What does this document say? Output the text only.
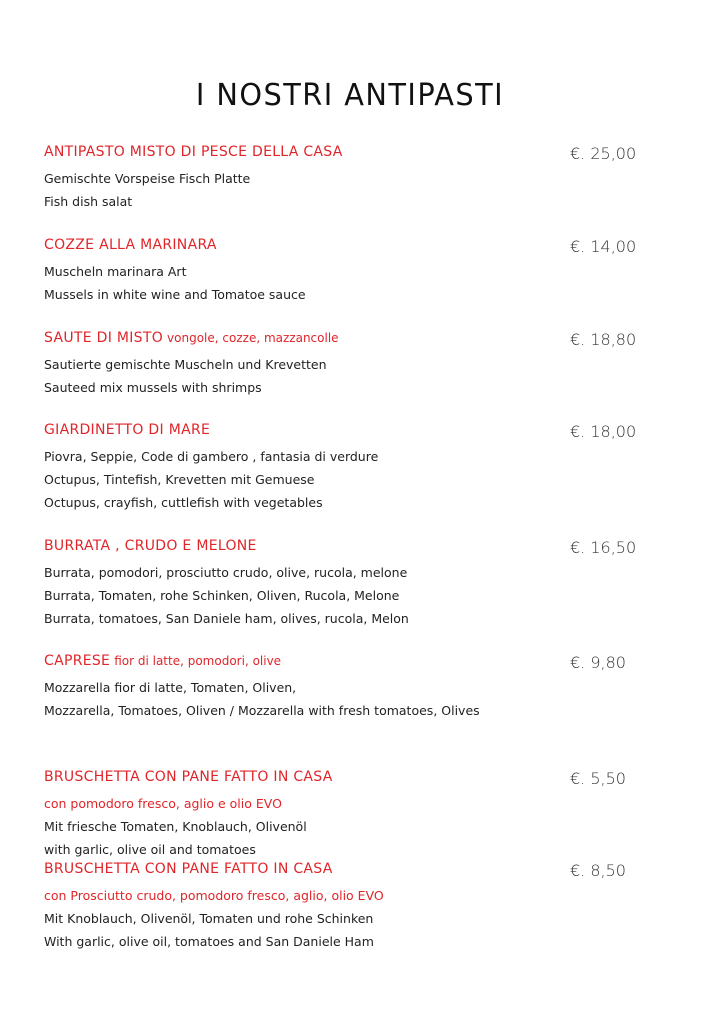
I NOSTRI ANTIPASTI
ANTIPASTO MISTO DI PESCE DELLA CASA	€. 25,00
Gemischte Vorspeise Fisch Platte
Fish dish salat
COZZE ALLA MARINARA	€. 14,00
Muscheln marinara Art
Mussels in white wine and Tomatoe sauce
SAUTE DI MISTO vongole, cozze, mazzancolle	€. 18,80
Sautierte gemischte Muscheln und Krevetten
Sauteed mix mussels with shrimps
GIARDINETTO DI MARE	€. 18,00
Piovra, Seppie, Code di gambero , fantasia di verdure
Octupus, Tintefish, Krevetten mit Gemuese
Octupus, crayfish, cuttlefish with vegetables
BURRATA , CRUDO E MELONE	€. 16,50
Burrata, pomodori, prosciutto crudo, olive, rucola, melone
Burrata, Tomaten, rohe Schinken, Oliven, Rucola, Melone
Burrata, tomatoes, San Daniele ham, olives, rucola, Melon
CAPRESE fior di latte, pomodori, olive	€. 9,80
Mozzarella fior di latte, Tomaten, Oliven,
Mozzarella, Tomatoes, Oliven / Mozzarella with fresh tomatoes, Olives
BRUSCHETTA CON PANE FATTO IN CASA	€. 5,50
con pomodoro fresco, aglio e olio EVO
Mit friesche Tomaten, Knoblauch, Olivenöl
with garlic, olive oil and tomatoes
BRUSCHETTA CON PANE FATTO IN CASA	€. 8,50
con Prosciutto crudo, pomodoro fresco, aglio, olio EVO
Mit Knoblauch, Olivenöl, Tomaten und rohe Schinken
With garlic, olive oil, tomatoes and San Daniele Ham
